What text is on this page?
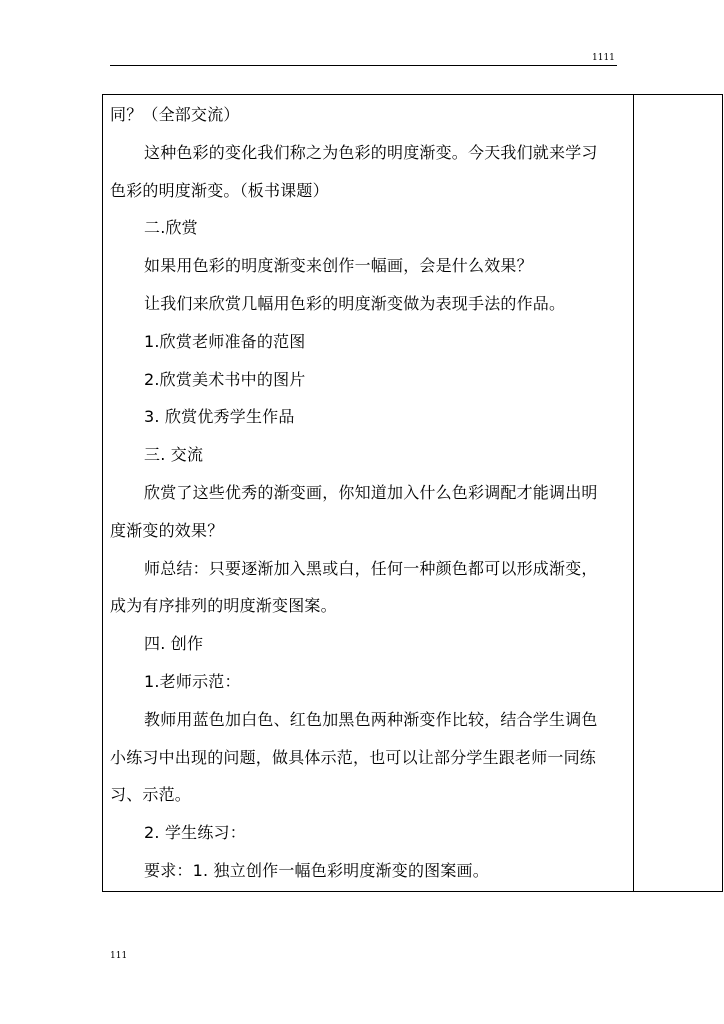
1111

同？（全部交流）

这种色彩的变化我们称之为色彩的明度渐变。今天我们就来学习

色彩的明度渐变。（板书课题）

二.欣赏

如果用色彩的明度渐变来创作一幅画，会是什么效果？

让我们来欣赏几幅用色彩的明度渐变做为表现手法的作品。

1.欣赏老师准备的范图

2.欣赏美术书中的图片

3. 欣赏优秀学生作品

三. 交流

欣赏了这些优秀的渐变画，你知道加入什么色彩调配才能调出明

度渐变的效果？

师总结：只要逐渐加入黑或白，任何一种颜色都可以形成渐变，

成为有序排列的明度渐变图案。

四. 创作

1.老师示范：

教师用蓝色加白色、红色加黑色两种渐变作比较，结合学生调色

小练习中出现的问题，做具体示范，也可以让部分学生跟老师一同练

习、示范。

2. 学生练习：

要求：1. 独立创作一幅色彩明度渐变的图案画。

111
